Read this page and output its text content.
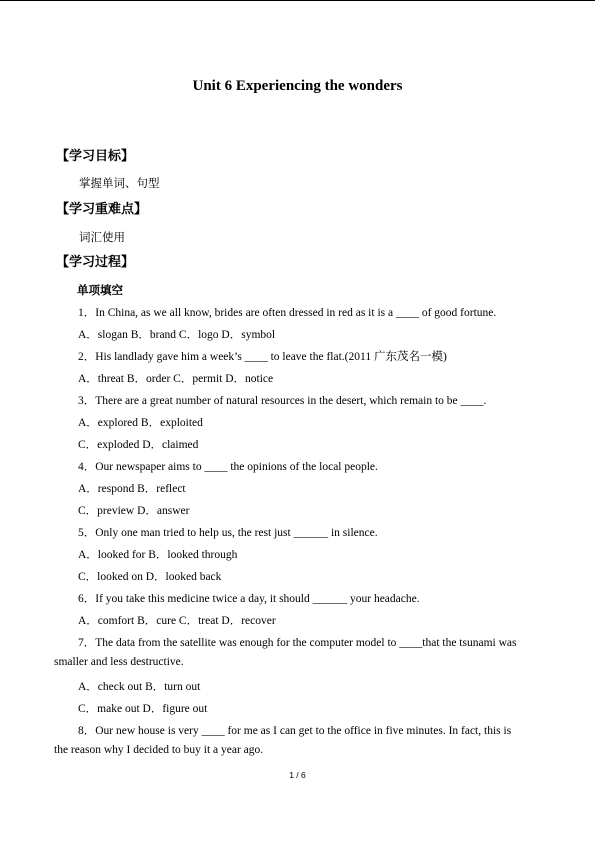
Unit 6 Experiencing the wonders
【学习目标】
掌握单词、句型
【学习重难点】
词汇使用
【学习过程】
单项填空
1．In China, as we all know, brides are often dressed in red as it is a ____ of good fortune.
A．slogan B．brand C．logo D．symbol
2．His landlady gave him a week’s ____ to leave the flat.(2011 广东茂名一模)
A．threat B．order C．permit D．notice
3．There are a great number of natural resources in the desert, which remain to be ____.
A．explored B．exploited
C．exploded D．claimed
4．Our newspaper aims to ____ the opinions of the local people.
A．respond B．reflect
C．preview D．answer
5．Only one man tried to help us, the rest just ______ in silence.
A．looked for B．looked through
C．looked on D．looked back
6．If you take this medicine twice a day, it should ______ your headache.
A．comfort B．cure C．treat D．recover
7．The data from the satellite was enough for the computer model to ____that the tsunami was
smaller and less destructive.
A．check out B．turn out
C．make out D．figure out
8．Our new house is very ____ for me as I can get to the office in five minutes. In fact, this is
the reason why I decided to buy it a year ago.
1 / 6
